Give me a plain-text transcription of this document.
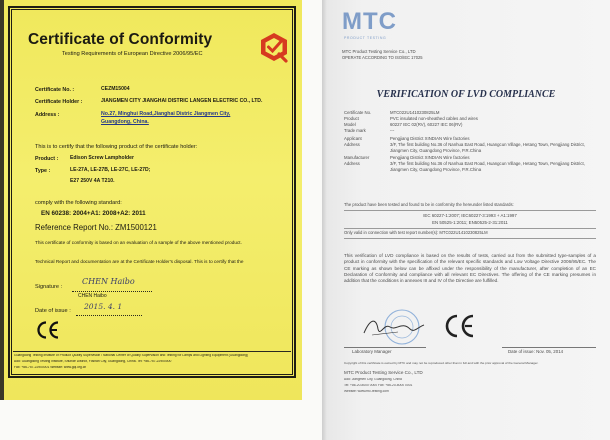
Certificate of Conformity
Testing Requirements of European Directive 2006/95/EC
Certificate No. :	CEZM15004
Certificate Holder :	JIANGMEN CITY JIANGHAI DISTRIC LANGEN ELECTRIC CO., LTD.
Address :	No.27, Minghui Road,Jianghai Distric Jiangmen City,
Guangdong, China.
This is to certify that the following product of the certificate holder:
Product : Edison Screw Lampholder
Type :	LE-27A, LE-27B, LE-27C, LE-27D;
E27 250V 4A T210.
comply with the following standard:
EN 60238: 2004+A1: 2008+A2: 2011
Reference Report No.: ZM1500121
This certificate of conformity is based on an evaluation of a sample of the above mentioned product.
Technical Report and documentation are at the Certificate Holder's disposal. This is to certify that the
Signature :
CHEN Haibo
CHEN Haibo
Date of issue : 2015. 4. 1
Guangdong Testing Institute of Product Quality Supervision / National Center of Quality Supervision and Testing for Lamps and Lighting Equipment (Guangdong)
Add: Guangdong Testing Institute, Shunde District, Foshan City, Guangdong, China. Tel: +86-757-22900000
Fax: +86-757-22900001 Website: www.gqi.org.cn
MTC
PRODUCT TESTING
MTC Product Testing Service Co., LTD
OPERATE ACCORDING TO ISO/IEC 17025
VERIFICATION OF LVD COMPLIANCE
Certificate No.	MTC022U1410230825LM
Product	PVC insulated non-sheathed cables and wires
Model	60227 IEC 02(RV), 60227 IEC 06(RV)
Trade mark	---
Applicant	Pengjiang District XINDIAN Wire factories
Address	3/F, The first building No.36 of Nanhua East Road, Huangcun Village, Hetang Town, Pengjiang District, Jiangmen City, Guangdong Province, P.R.China
Manufacturer	Pengjiang District XINDIAN Wire factories
Address	3/F, The first building No.36 of Nanhua East Road, Huangcun Village, Hetang Town, Pengjiang District, Jiangmen City, Guangdong Province, P.R.China
The product have been tested and found to be in conformity the hereunder listed standards:
IEC 60227-1:2007; IEC60227-3:1993 + A1:1997
EN 50525-1:2011; EN50525-2-31:2011
Only valid in connection with test report number(s): MTC022U1410230825LM
This verification of LVD compliance is based on the results of tests, carried out from the submitted type-samples of a product in conformity with the specification of the relevant specific standards and Low Voltage Directive 2006/95/EC. The CE marking as shown below can be affixed under the responsibility of the manufacturer, after completion of an EC Declaration of Conformity and compliance with all relevant EC Directives. The offering of the CE marking presumes in addition that the conditions in annexes III and IV of the Directive are fulfilled.
Laboratory Manager	Date of issue: Nov. 05, 2014
Copyright of this certificate is owned by MTC and may not be reproduced other than in full and with the prior approval of the General Manager.
MTC Product Testing Service Co., LTD
Add: Jiangmen City, Guangdong, China
Tel: +86-20-8000 0000 Fax: +86-20-8000 0001
Website: www.mtc-testing.com
